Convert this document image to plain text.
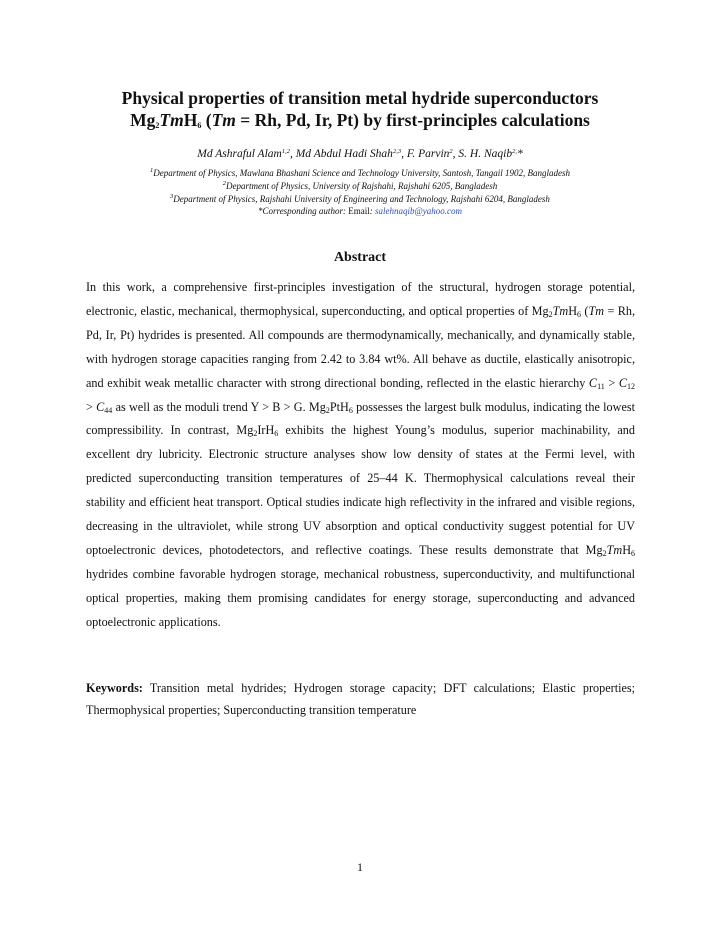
Physical properties of transition metal hydride superconductors
$Mg_2TmH_6$ (Tm = Rh, Pd, Ir, Pt) by first-principles calculations
Md Ashraful Alam$^{1,2}$, Md Abdul Hadi Shah$^{2,3}$, F. Parvin$^2$, S. H. Naqib$^{2,}$*
$^1$Department of Physics, Mawlana Bhashani Science and Technology University, Santosh, Tangail 1902, Bangladesh
$^2$Department of Physics, University of Rajshahi, Rajshahi 6205, Bangladesh
$^3$Department of Physics, Rajshahi University of Engineering and Technology, Rajshahi 6204, Bangladesh
*Corresponding author: Email: salehnaqib@yahoo.com
Abstract
In this work, a comprehensive first-principles investigation of the structural, hydrogen storage potential, electronic, elastic, mechanical, thermophysical, superconducting, and optical properties of $Mg_2TmH_6$ (Tm = Rh, Pd, Ir, Pt) hydrides is presented. All compounds are thermodynamically, mechanically, and dynamically stable, with hydrogen storage capacities ranging from 2.42 to 3.84 wt%. All behave as ductile, elastically anisotropic, and exhibit weak metallic character with strong directional bonding, reflected in the elastic hierarchy $C_{11} > C_{12} > C_{44}$ as well as the moduli trend Y > B > G. $Mg_2PtH_6$ possesses the largest bulk modulus, indicating the lowest compressibility. In contrast, $Mg_2IrH_6$ exhibits the highest Young’s modulus, superior machinability, and excellent dry lubricity. Electronic structure analyses show low density of states at the Fermi level, with predicted superconducting transition temperatures of 25–44 K. Thermophysical calculations reveal their stability and efficient heat transport. Optical studies indicate high reflectivity in the infrared and visible regions, decreasing in the ultraviolet, while strong UV absorption and optical conductivity suggest potential for UV optoelectronic devices, photodetectors, and reflective coatings. These results demonstrate that $Mg_2TmH_6$ hydrides combine favorable hydrogen storage, mechanical robustness, superconductivity, and multifunctional optical properties, making them promising candidates for energy storage, superconducting and advanced optoelectronic applications.
Keywords: Transition metal hydrides; Hydrogen storage capacity; DFT calculations; Elastic properties; Thermophysical properties; Superconducting transition temperature
1
